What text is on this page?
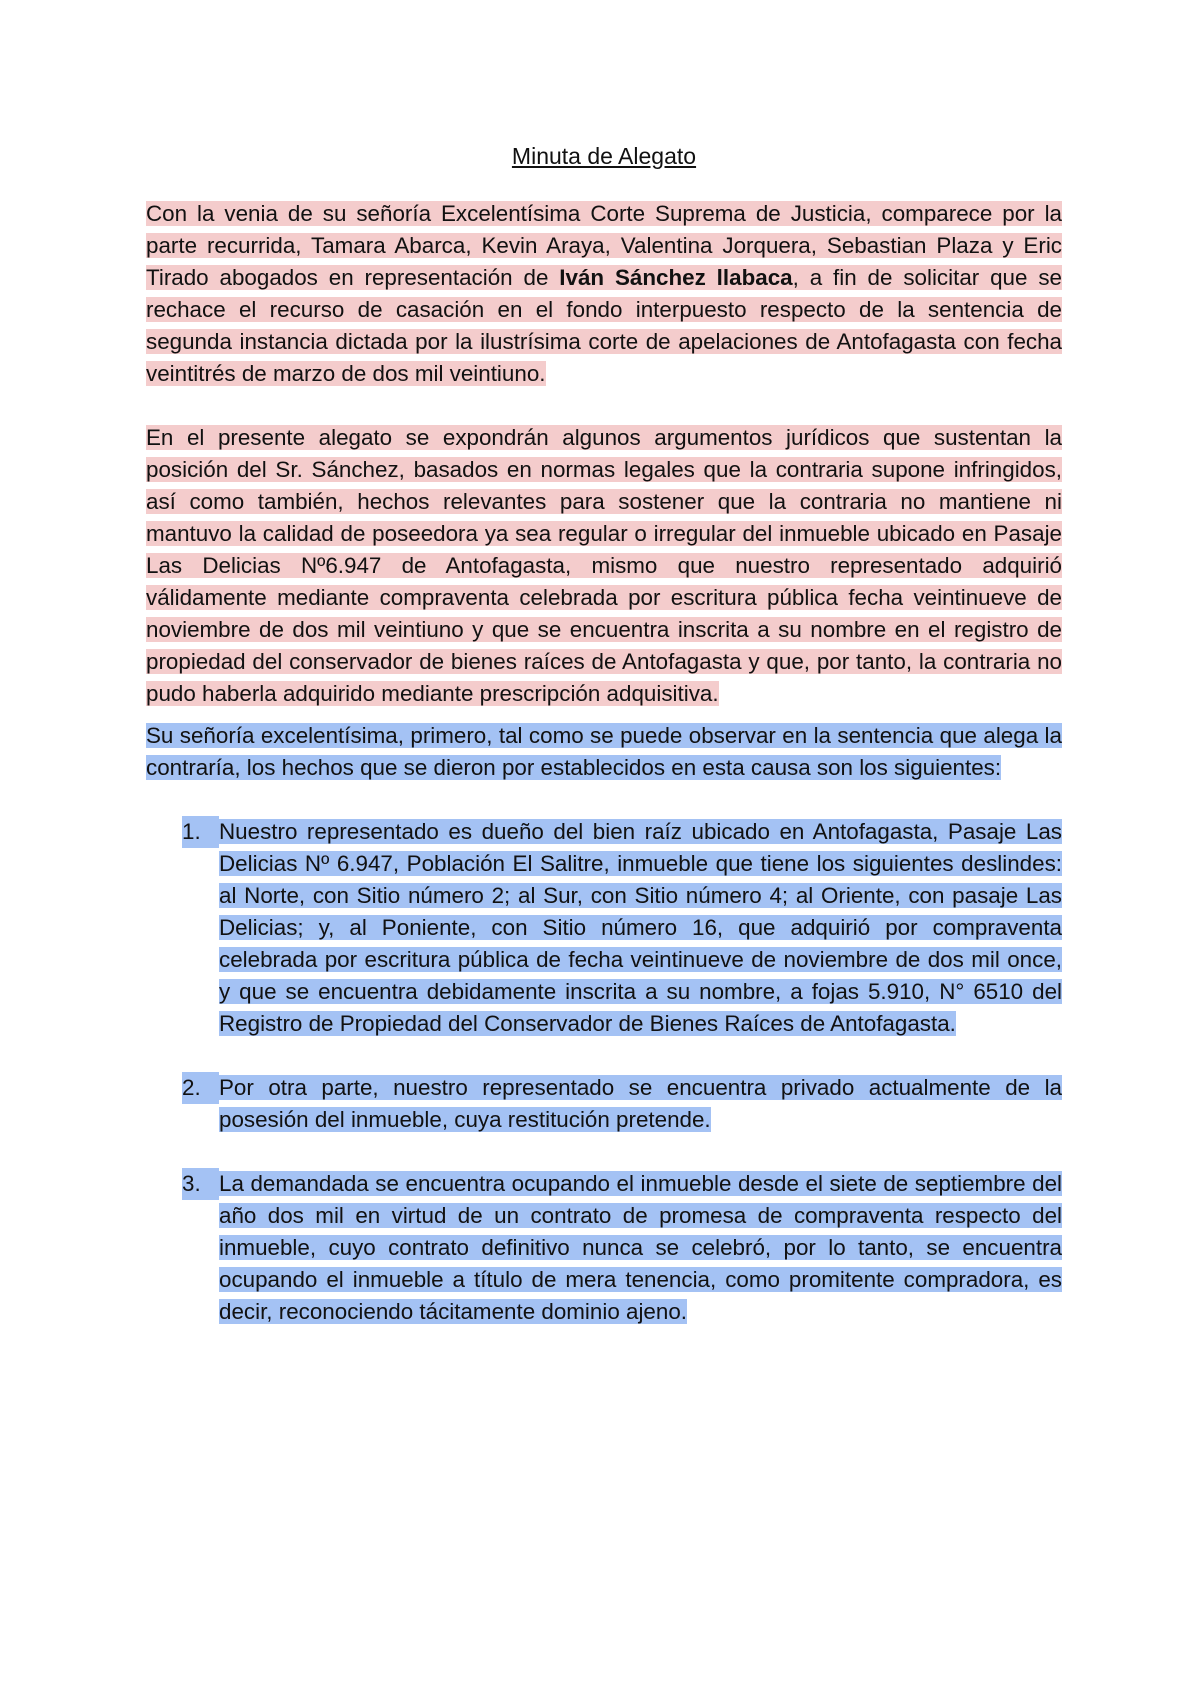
Minuta de Alegato

Con la venia de su señoría Excelentísima Corte Suprema de Justicia, comparece por la parte recurrida, Tamara Abarca, Kevin Araya, Valentina Jorquera, Sebastian Plaza y Eric Tirado abogados en representación de Iván Sánchez llabaca, a fin de solicitar que se rechace el recurso de casación en el fondo interpuesto respecto de la sentencia de segunda instancia dictada por la ilustrísima corte de apelaciones de Antofagasta con fecha veintitrés de marzo de dos mil veintiuno.

En el presente alegato se expondrán algunos argumentos jurídicos que sustentan la posición del Sr. Sánchez, basados en normas legales que la contraria supone infringidos, así como también, hechos relevantes para sostener que la contraria no mantiene ni mantuvo la calidad de poseedora ya sea regular o irregular del inmueble ubicado en Pasaje Las Delicias Nº6.947 de Antofagasta, mismo que nuestro representado adquirió válidamente mediante compraventa celebrada por escritura pública fecha veintinueve de noviembre de dos mil veintiuno y que se encuentra inscrita a su nombre en el registro de propiedad del conservador de bienes raíces de Antofagasta y que, por tanto, la contraria no pudo haberla adquirido mediante prescripción adquisitiva.

Su señoría excelentísima, primero, tal como se puede observar en la sentencia que alega la contraría, los hechos que se dieron por establecidos en esta causa son los siguientes:

1. Nuestro representado es dueño del bien raíz ubicado en Antofagasta, Pasaje Las Delicias Nº 6.947, Población El Salitre, inmueble que tiene los siguientes deslindes: al Norte, con Sitio número 2; al Sur, con Sitio número 4; al Oriente, con pasaje Las Delicias; y, al Poniente, con Sitio número 16, que adquirió por compraventa celebrada por escritura pública de fecha veintinueve de noviembre de dos mil once, y que se encuentra debidamente inscrita a su nombre, a fojas 5.910, N° 6510 del Registro de Propiedad del Conservador de Bienes Raíces de Antofagasta.
2. Por otra parte, nuestro representado se encuentra privado actualmente de la posesión del inmueble, cuya restitución pretende.
3. La demandada se encuentra ocupando el inmueble desde el siete de septiembre del año dos mil en virtud de un contrato de promesa de compraventa respecto del inmueble, cuyo contrato definitivo nunca se celebró, por lo tanto, se encuentra ocupando el inmueble a título de mera tenencia, como promitente compradora, es decir, reconociendo tácitamente dominio ajeno.
